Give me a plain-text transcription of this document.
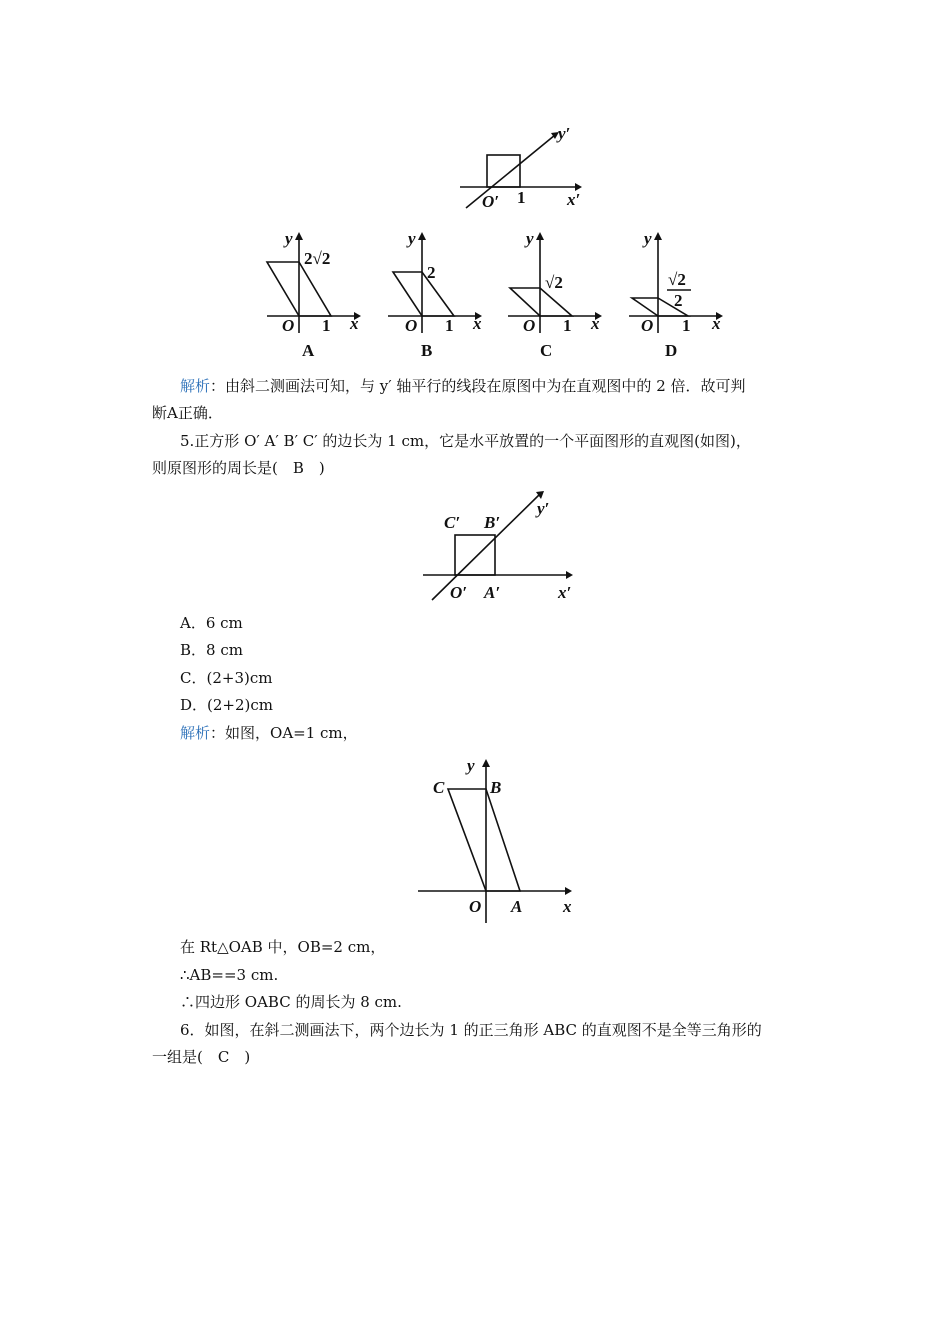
y′
x′
O′ 1
y
2√2
O 1 x
A
y
2
O 1 x
B
y
√2
O 1 x
C
y
√2
2
O 1 x
D
解析：由斜二测画法可知，与 y′ 轴平行的线段在原图中为在直观图中的 2 倍．故可判
断A正确．
5.正方形 O′ A′ B′ C′ 的边长为 1 cm，它是水平放置的一个平面图形的直观图(如图)，
则原图形的周长是(　B　)
C′ B′
y′
O′ A′	x′
A．6 cm
B．8 cm
C．(2+3)cm
D．(2+2)cm
解析：如图，OA=1 cm，
y
C	B
O A x
在 Rt△OAB 中，OB=2 cm，
∴AB==3 cm.
∴四边形 OABC 的周长为 8 cm.
6．如图，在斜二测画法下，两个边长为 1 的正三角形 ABC 的直观图不是全等三角形的
一组是(　C　)
